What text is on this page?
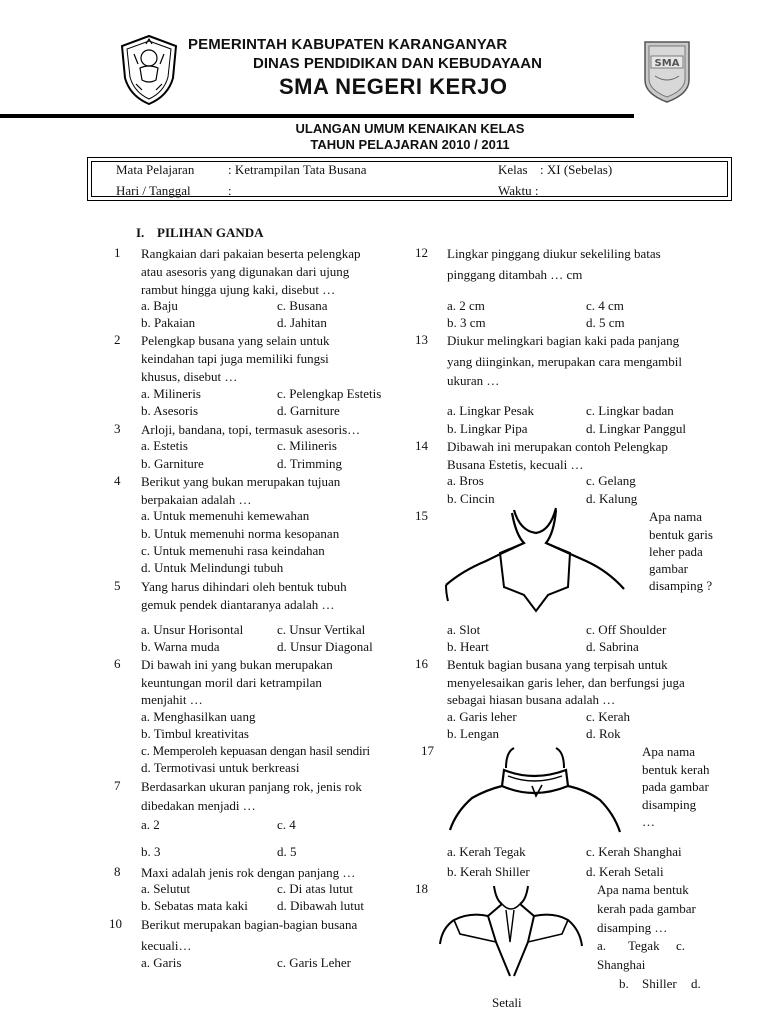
PEMERINTAH KABUPATEN KARANGANYAR
DINAS PENDIDIKAN DAN KEBUDAYAAN
SMA NEGERI KERJO
SMA
ULANGAN UMUM KENAIKAN KELAS
TAHUN PELAJARAN 2010 / 2011
Mata Pelajaran	: Ketrampilan Tata Busana	Kelas : XI (Sebelas)
Hari / Tanggal	:	Waktu :
I. PILIHAN GANDA
1 Rangkaian dari pakaian beserta pelengkap
atau asesoris yang digunakan dari ujung
rambut hingga ujung kaki, disebut …
a. Baju	c. Busana
b. Pakaian	d. Jahitan
2 Pelengkap busana yang selain untuk
keindahan tapi juga memiliki fungsi
khusus, disebut …
a. Milineris	c. Pelengkap Estetis
b. Asesoris	d. Garniture
3 Arloji, bandana, topi, termasuk asesoris…
a. Estetis	c. Milineris
b. Garniture	d. Trimming
4 Berikut yang bukan merupakan tujuan
berpakaian adalah …
a. Untuk memenuhi kemewahan
b. Untuk memenuhi norma kesopanan
c. Untuk memenuhi rasa keindahan
d. Untuk Melindungi tubuh
5 Yang harus dihindari oleh bentuk tubuh
gemuk pendek diantaranya adalah …
a. Unsur Horisontal	c. Unsur Vertikal
b. Warna muda	d. Unsur Diagonal
6 Di bawah ini yang bukan merupakan
keuntungan moril dari ketrampilan
menjahit …
a. Menghasilkan uang
b. Timbul kreativitas
c. Memperoleh kepuasan dengan hasil sendiri
d. Termotivasi untuk berkreasi
7 Berdasarkan ukuran panjang rok, jenis rok
dibedakan menjadi …
a. 2	c. 4
b. 3	d. 5
8 Maxi adalah jenis rok dengan panjang …
a. Selutut	c. Di atas lutut
b. Sebatas mata kaki d. Dibawah lutut
10 Berikut merupakan bagian-bagian busana
kecuali…
a. Garis	c. Garis Leher
12 Lingkar pinggang diukur sekeliling batas
pinggang ditambah … cm
a. 2 cm	c. 4 cm
b. 3 cm	d. 5 cm
13 Diukur melingkari bagian kaki pada panjang
yang diinginkan, merupakan cara mengambil
ukuran …
a. Lingkar Pesak	c. Lingkar badan
b. Lingkar Pipa	d. Lingkar Panggul
14 Dibawah ini merupakan contoh Pelengkap
Busana Estetis, kecuali …
a. Bros	c. Gelang
b. Cincin	d. Kalung
15	Apa nama
bentuk garis
leher pada
gambar
disamping ?
a. Slot	c. Off Shoulder
b. Heart	d. Sabrina
16 Bentuk bagian busana yang terpisah untuk
menyelesaikan garis leher, dan berfungsi juga
sebagai hiasan busana adalah …
a. Garis leher	c. Kerah
b. Lengan	d. Rok
17	Apa nama
bentuk kerah
pada gambar
disamping
…
a. Kerah Tegak	c. Kerah Shanghai
b. Kerah Shiller	d. Kerah Setali
18	Apa nama bentuk
kerah pada gambar
disamping …
a. Tegak c.
Shanghai
b. Shiller d.
Setali
